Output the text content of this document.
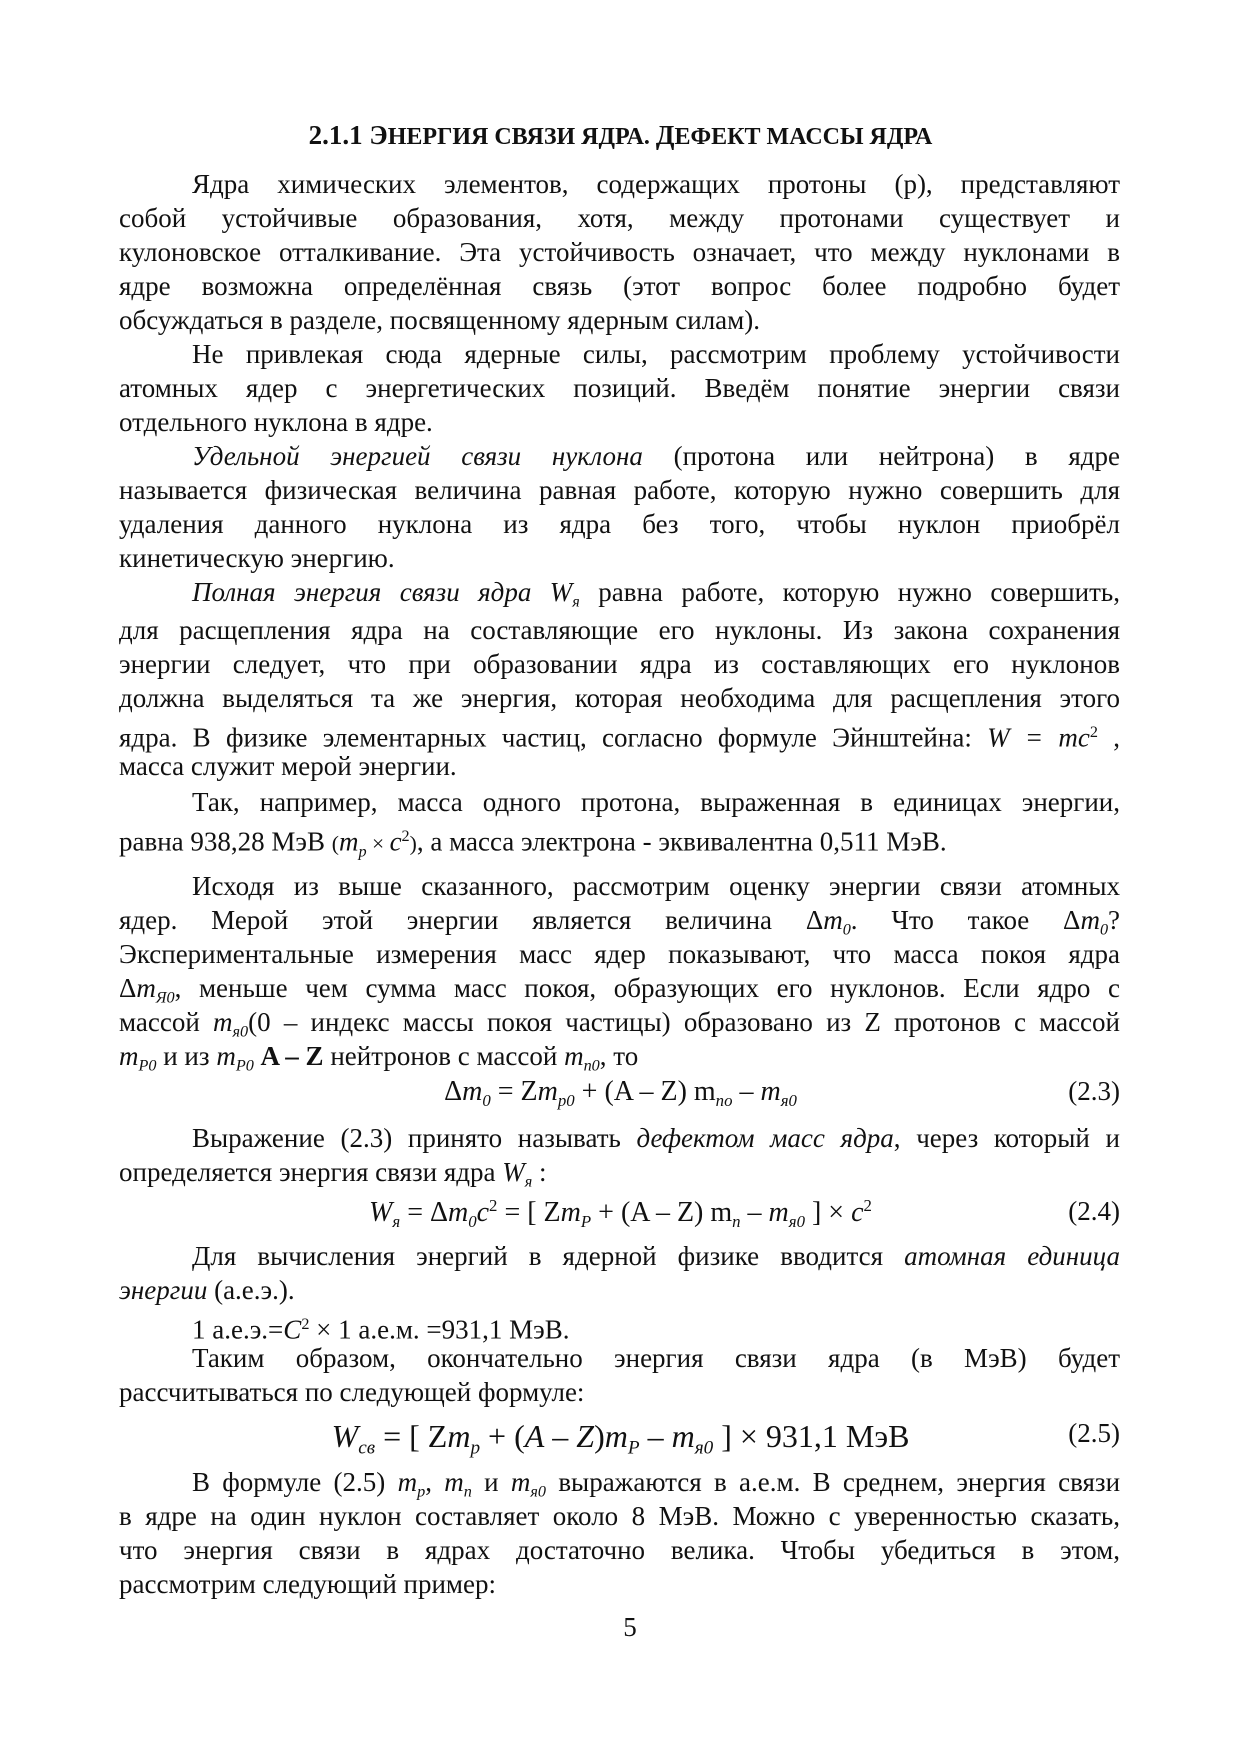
2.1.1 ЭНЕРГИЯ СВЯЗИ ЯДРА. ДЕФЕКТ МАССЫ ЯДРА
Ядра химических элементов, содержащих протоны (p), представляют
собой устойчивые образования, хотя, между протонами существует и
кулоновское отталкивание. Эта устойчивость означает, что между нуклонами в
ядре возможна определённая связь (этот вопрос более подробно будет
обсуждаться в разделе, посвященному ядерным силам).
Не привлекая сюда ядерные силы, рассмотрим проблему устойчивости
атомных ядер с энергетических позиций. Введём понятие энергии связи
отдельного нуклона в ядре.
Удельной энергией связи нуклона (протона или нейтрона) в ядре
называется физическая величина равная работе, которую нужно совершить для
удаления данного нуклона из ядра без того, чтобы нуклон приобрёл
кинетическую энергию.
Полная энергия связи ядра $W_я$ равна работе, которую нужно совершить,
для расщепления ядра на составляющие его нуклоны. Из закона сохранения
энергии следует, что при образовании ядра из составляющих его нуклонов
должна выделяться та же энергия, которая необходима для расщепления этого
ядра. В физике элементарных частиц, согласно формуле Эйнштейна: $W = mc^2$ ,
масса служит мерой энергии.
Так, например, масса одного протона, выраженная в единицах энергии,
равна 938,28 МэВ $(m_p \times c^2)$, а масса электрона - эквивалентна 0,511 МэВ.
Исходя из выше сказанного, рассмотрим оценку энергии связи атомных
ядер. Мерой этой энергии является величина $\Delta m_0$. Что такое $\Delta m_0$?
Экспериментальные измерения масс ядер показывают, что масса покоя ядра
$\Delta m_{Я0}$, меньше чем сумма масс покоя, образующих его нуклонов. Если ядро с
массой $m_{я0}(0$ – индекс массы покоя частицы) образовано из Z протонов с массой
$m_{P0}$ и из $m_{P0}$ A – Z нейтронов с массой $m_{n0}$, то
Выражение (2.3) принято называть дефектом масс ядра, через который и
определяется энергия связи ядра $W_я$ :
Для вычисления энергий в ядерной физике вводится атомная единица
энергии (а.е.э.).
1 $а.е.э.=C^2 \times 1$ а.е.м. =931,1 МэВ.
Таким образом, окончательно энергия связи ядра (в МэВ) будет
рассчитываться по следующей формуле:
В формуле (2.5) $m_p$, $m_n$ и $m_{я0}$ выражаются в а.е.м. В среднем, энергия связи
в ядре на один нуклон составляет около 8 МэВ. Можно с уверенностью сказать,
что энергия связи в ядрах достаточно велика. Чтобы убедиться в этом,
рассмотрим следующий пример:
$\Delta m_0 = Zm_{p0} + (A - Z)$ $m_{no} - m_{я0}$	(2.3)
$W_я = \Delta m_0c^2$ = [ $Zm_P + (A - Z)$ $m_n - m_{я0}$ ] × $c^2$	(2.4)
$W_{св}$ = [ $Zm_p + (A - Z)m_P - m_{я0}$ ] × 931,1 МэВ	(2.5)
5
